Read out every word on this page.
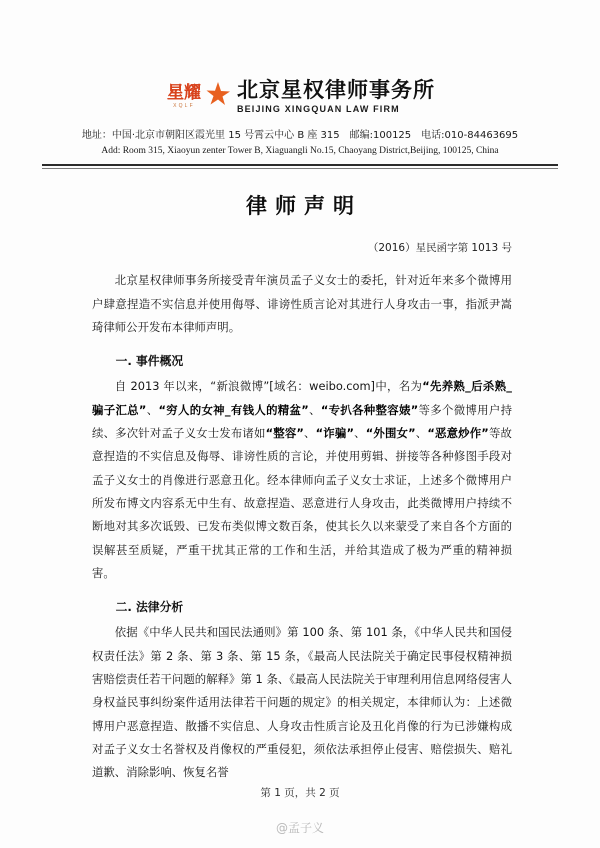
星耀
XQLF
北京星权律师事务所
BEIJING XINGQUAN LAW FIRM
地址：中国·北京市朝阳区霞光里 15 号霄云中心 B 座 315　邮编:100125　电话:010-84463695
Add: Room 315, Xiaoyun zenter Tower B, Xiaguangli No.15, Chaoyang District,Beijing, 100125, China
律师声明
（2016）星民函字第 1013 号

北京星权律师事务所接受青年演员孟子义女士的委托，针对近年来多个微博用户肆意捏造不实信息并使用侮辱、诽谤性质言论对其进行人身攻击一事，指派尹嵩琦律师公开发布本律师声明。

一. 事件概况

自 2013 年以来，“新浪微博”[域名：weibo.com]中，名为“先养熟_后杀熟_骗子汇总”、“穷人的女神_有钱人的精盆”、“专扒各种整容婊”等多个微博用户持续、多次针对孟子义女士发布诸如“整容”、“诈骗”、“外围女”、“恶意炒作”等故意捏造的不实信息及侮辱、诽谤性质的言论，并使用剪辑、拼接等各种修图手段对孟子义女士的肖像进行恶意丑化。经本律师向孟子义女士求证，上述多个微博用户所发布博文内容系无中生有、故意捏造、恶意进行人身攻击，此类微博用户持续不断地对其多次诋毁、已发布类似博文数百条，使其长久以来蒙受了来自各个方面的误解甚至质疑，严重干扰其正常的工作和生活，并给其造成了极为严重的精神损害。

二. 法律分析

依据《中华人民共和国民法通则》第 100 条、第 101 条，《中华人民共和国侵权责任法》第 2 条、第 3 条、第 15 条，《最高人民法院关于确定民事侵权精神损害赔偿责任若干问题的解释》第 1 条、《最高人民法院关于审理利用信息网络侵害人身权益民事纠纷案件适用法律若干问题的规定》的相关规定，本律师认为：上述微博用户恶意捏造、散播不实信息、人身攻击性质言论及丑化肖像的行为已涉嫌构成对孟子义女士名誉权及肖像权的严重侵犯，须依法承担停止侵害、赔偿损失、赔礼道歉、消除影响、恢复名誉

第 1 页，共 2 页
@孟子义
